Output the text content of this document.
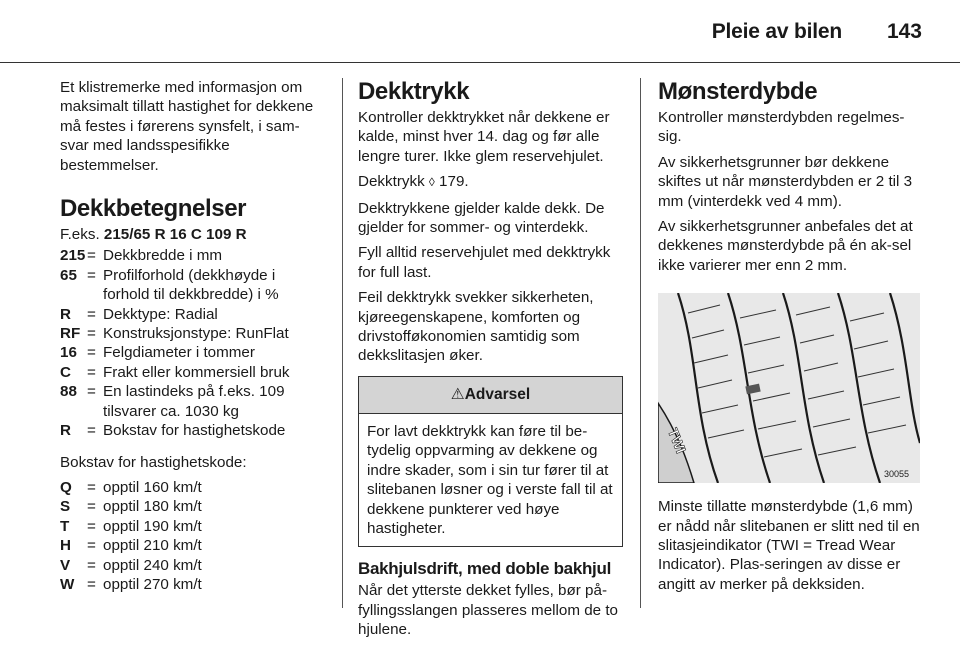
Pleie av bilen 143

Et klistremerke med informasjon om maksimalt tillatt hastighet for dekkene må festes i førerens synsfelt, i sam-svar med landsspesifikke bestemmelser.

Dekkbetegnelser

F.eks. 215/65 R 16 C 109 R

215	=	Dekkbredde i mm
65	=	Profilforhold (dekkhøyde i forhold til dekkbredde) i %
R	=	Dekktype: Radial
RF	=	Konstruksjonstype: RunFlat
16	=	Felgdiameter i tommer
C	=	Frakt eller kommersiell bruk
88	=	En lastindeks på f.eks. 109 tilsvarer ca. 1030 kg
R	=	Bokstav for hastighetskode

Bokstav for hastighetskode:

Q	=	opptil 160 km/t
S	=	opptil 180 km/t
T	=	opptil 190 km/t
H	=	opptil 210 km/t
V	=	opptil 240 km/t
W	=	opptil 270 km/t
Dekktrykk

Kontroller dekktrykket når dekkene er kalde, minst hver 14. dag og før alle lengre turer. Ikke glem reservehjulet.

Dekktrykk ◊ 179.

Dekktrykkene gjelder kalde dekk. De gjelder for sommer- og vinterdekk.

Fyll alltid reservehjulet med dekktrykk for full last.

Feil dekktrykk svekker sikkerheten, kjøreegenskapene, komforten og drivstofføkonomien samtidig som dekkslitasjen øker.

⚠Advarsel
For lavt dekktrykk kan føre til be-tydelig oppvarming av dekkene og indre skader, som i sin tur fører til at slitebanen løsner og i verste fall til at dekkene punkterer ved høye hastigheter.
Bakhjulsdrift, med doble bakhjul

Når det ytterste dekket fylles, bør på-fyllingsslangen plasseres mellom de to hjulene.

Mønsterdybde

Kontroller mønsterdybden regelmes-sig.

Av sikkerhetsgrunner bør dekkene skiftes ut når mønsterdybden er 2 til 3 mm (vinterdekk ved 4 mm).

Av sikkerhetsgrunner anbefales det at dekkenes mønsterdybde på én ak-sel ikke varierer mer enn 2 mm.

TWI
30055

Minste tillatte mønsterdybde (1,6 mm) er nådd når slitebanen er slitt ned til en slitasjeindikator (TWI = Tread Wear Indicator). Plas-seringen av disse er angitt av merker på dekksiden.
